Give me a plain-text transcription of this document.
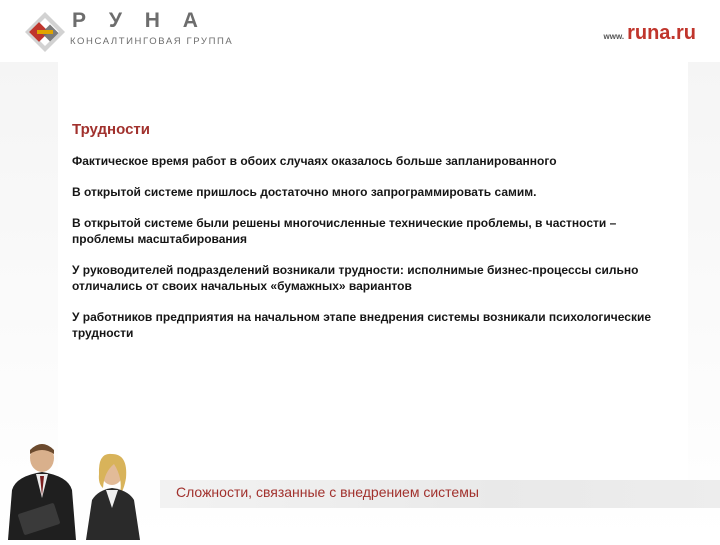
Р У Н А
КОНСАЛТИНГОВАЯ ГРУППА	www. runa.ru
Трудности
Фактическое время работ в обоих случаях оказалось больше запланированного
В открытой системе пришлось достаточно много запрограммировать самим.
В открытой системе были решены многочисленные технические проблемы, в частности – проблемы масштабирования
У руководителей подразделений возникали трудности: исполнимые бизнес-процессы сильно отличались от своих начальных «бумажных» вариантов
У работников предприятия на начальном этапе внедрения системы возникали психологические трудности
Сложности, связанные с внедрением системы
